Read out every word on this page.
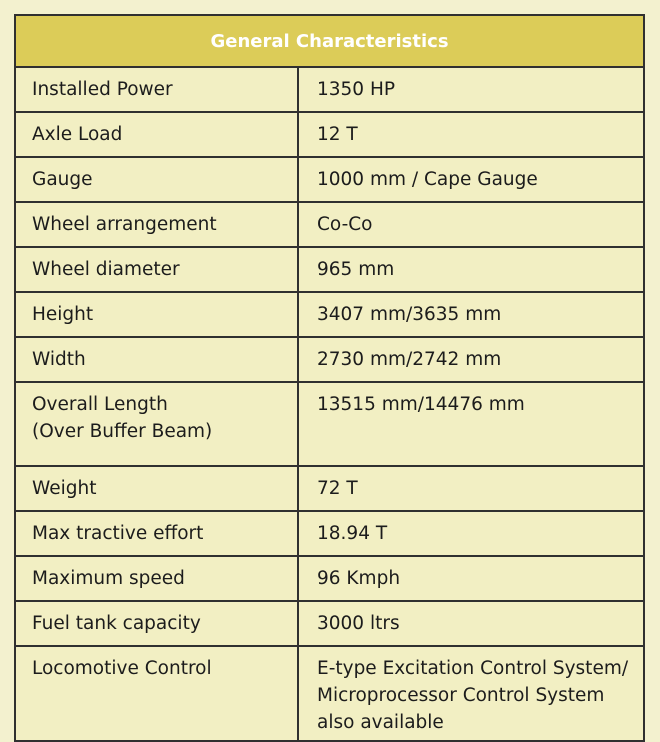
General Characteristics	
Installed Power	1350 HP
Axle Load	12 T
Gauge	1000 mm / Cape Gauge
Wheel arrangement	Co-Co
Wheel diameter	965 mm
Height	3407 mm/3635 mm
Width	2730 mm/2742 mm

Overall Length
(Over Buffer Beam)	13515 mm/14476 mm
Weight	72 T
Max tractive effort	18.94 T
Maximum speed	96 Kmph
Fuel tank capacity	3000 ltrs
Locomotive Control	E-type Excitation Control System/
Microprocessor Control System
also available
